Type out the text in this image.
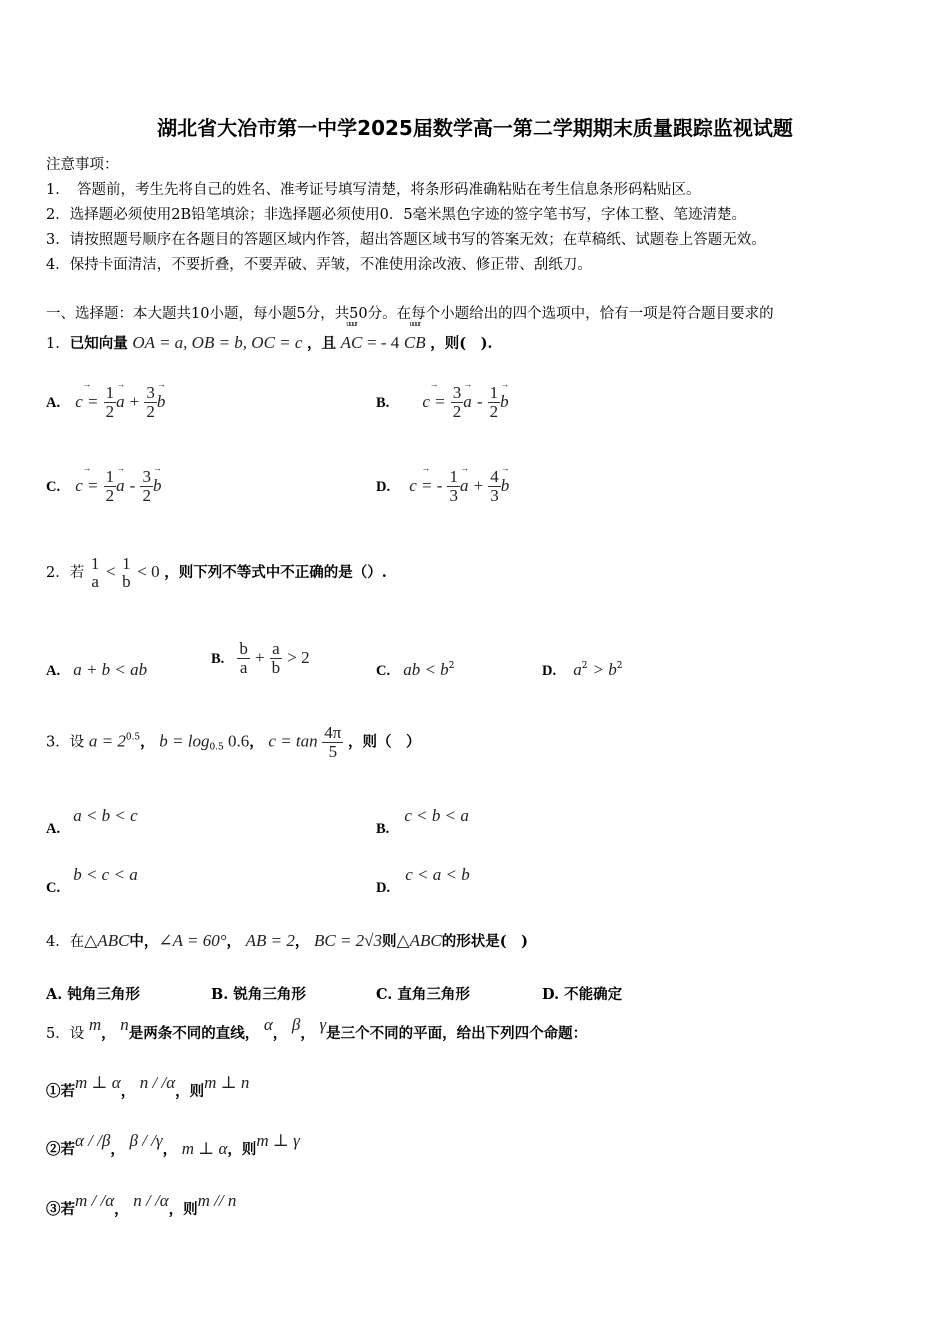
湖北省大冶市第一中学2025届数学高一第二学期期末质量跟踪监视试题
注意事项：
1．　答题前，考生先将自己的姓名、准考证号填写清楚，将条形码准确粘贴在考生信息条形码粘贴区。
2．选择题必须使用2B铅笔填涂；非选择题必须使用0．5毫米黑色字迹的签字笔书写，字体工整、笔迹清楚。
3．请按照题号顺序在各题目的答题区域内作答，超出答题区域书写的答案无效；在草稿纸、试题卷上答题无效。
4．保持卡面清洁，不要折叠，不要弄破、弄皱，不准使用涂改液、修正带、刮纸刀。
一、选择题：本大题共10小题，每小题5分，共50分。在每个小题给出的四个选项中，恰有一项是符合题目要求的
1．已知向量 OA = a, OB = b, OC = c ，且 uuur AC = - 4 uuur CB ，则(　).
A. → $c = \frac{1}{2}$
→ $a + \frac{3}{2}$
→ b	B. → $c = \frac{3}{2}$
→ a - $\frac{1}{2}$
→ b
C. → $c = \frac{1}{2}$
→ a - $\frac{3}{2}$
→ b	D. → c = - $\frac{1}{3}$
→ $a + \frac{4}{3}$
→ b
2．若 1
a
< 1
b
< 0 ，则下列不等式中不正确的是（）.
A. a + b < ab
B. $\frac{b}{a} + \frac{a}{b} > 2$
C. ab < $b^2$	D. $a^2 > b^2$
3．设 $a = 2^{0.5}$， $b = \log_{0.5} 0.6$， $c = \tan \frac{4\pi}{5}$ ，则（　）
A. a < b < c
B. c < b < a
C. b < c < a
D. c < a < b
4．在△ABC中，∠A = 60°， AB = 2， BC = 2√3则△ABC的形状是(　)
A. 钝角三角形	B. 锐角三角形	C. 直角三角形	D. 不能确定
5．设 m， n是两条不同的直线， α， β， γ是三个不同的平面，给出下列四个命题：
①若m ⊥ α， n / /α，则m ⊥ n
②若α / /β， β / /γ， m ⊥ α，则m ⊥ γ
③若m / /α， n / /α，则m // n
